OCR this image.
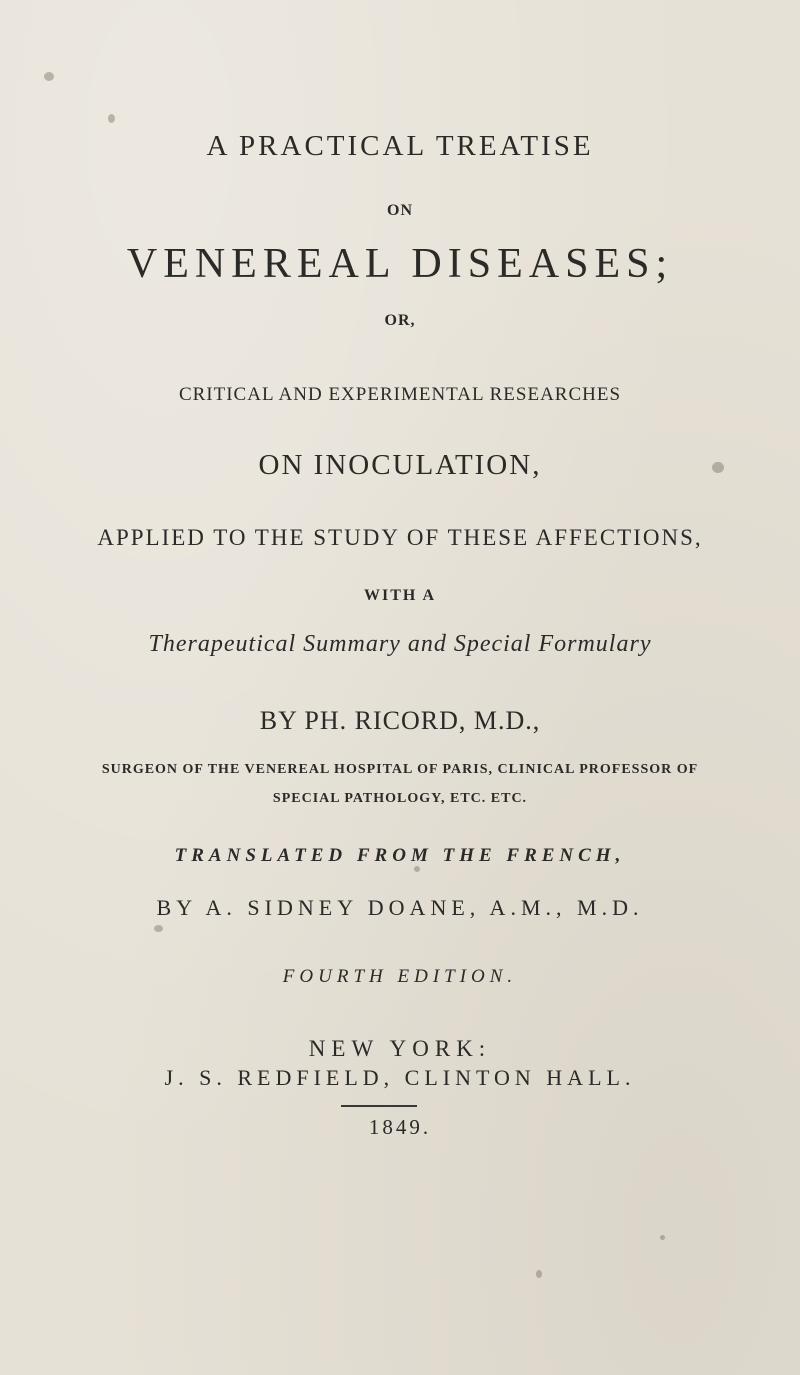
A PRACTICAL TREATISE
ON
VENEREAL DISEASES;
OR,
CRITICAL AND EXPERIMENTAL RESEARCHES
ON INOCULATION,
APPLIED TO THE STUDY OF THESE AFFECTIONS,
WITH A
Therapeutical Summary and Special Formulary
BY PH. RICORD, M.D.,
SURGEON OF THE VENEREAL HOSPITAL OF PARIS, CLINICAL PROFESSOR OF
SPECIAL PATHOLOGY, ETC. ETC.
TRANSLATED FROM THE FRENCH,
BY A. SIDNEY DOANE, A.M., M.D.
FOURTH EDITION.
NEW YORK:
J. S. REDFIELD, CLINTON HALL.
1849.
